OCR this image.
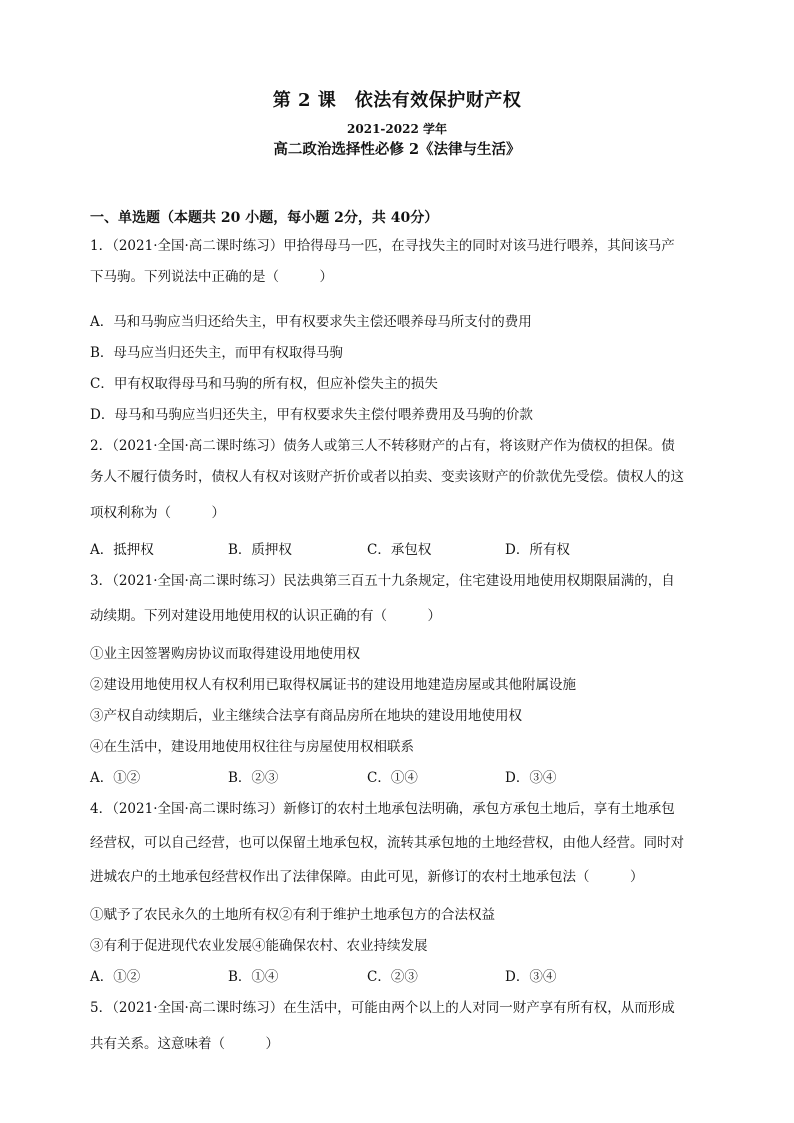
第 2 课　依法有效保护财产权
2021-2022 学年
高二政治选择性必修 2《法律与生活》
一、单选题（本题共 20 小题，每小题 2分，共 40分）
1．（2021·全国·高二课时练习）甲拾得母马一匹，在寻找失主的同时对该马进行喂养，其间该马产
下马驹。下列说法中正确的是（　　　）
A．马和马驹应当归还给失主，甲有权要求失主偿还喂养母马所支付的费用
B．母马应当归还失主，而甲有权取得马驹
C．甲有权取得母马和马驹的所有权，但应补偿失主的损失
D．母马和马驹应当归还失主，甲有权要求失主偿付喂养费用及马驹的价款
2．（2021·全国·高二课时练习）债务人或第三人不转移财产的占有，将该财产作为债权的担保。债
务人不履行债务时，债权人有权对该财产折价或者以拍卖、变卖该财产的价款优先受偿。债权人的这
项权利称为（　　　）
A．抵押权	B．质押权	C．承包权	D．所有权
3．（2021·全国·高二课时练习）民法典第三百五十九条规定，住宅建设用地使用权期限届满的，自
动续期。下列对建设用地使用权的认识正确的有（　　　）
①业主因签署购房协议而取得建设用地使用权
②建设用地使用权人有权利用已取得权属证书的建设用地建造房屋或其他附属设施
③产权自动续期后，业主继续合法享有商品房所在地块的建设用地使用权
④在生活中，建设用地使用权往往与房屋使用权相联系
A．①②	B．②③	C．①④	D．③④
4．（2021·全国·高二课时练习）新修订的农村土地承包法明确，承包方承包土地后，享有土地承包
经营权，可以自己经营，也可以保留土地承包权，流转其承包地的土地经营权，由他人经营。同时对
进城农户的土地承包经营权作出了法律保障。由此可见，新修订的农村土地承包法（　　　）
①赋予了农民永久的土地所有权②有利于维护土地承包方的合法权益
③有利于促进现代农业发展④能确保农村、农业持续发展
A．①②	B．①④	C．②③	D．③④
5．（2021·全国·高二课时练习）在生活中，可能由两个以上的人对同一财产享有所有权，从而形成
共有关系。这意味着（　　　）
